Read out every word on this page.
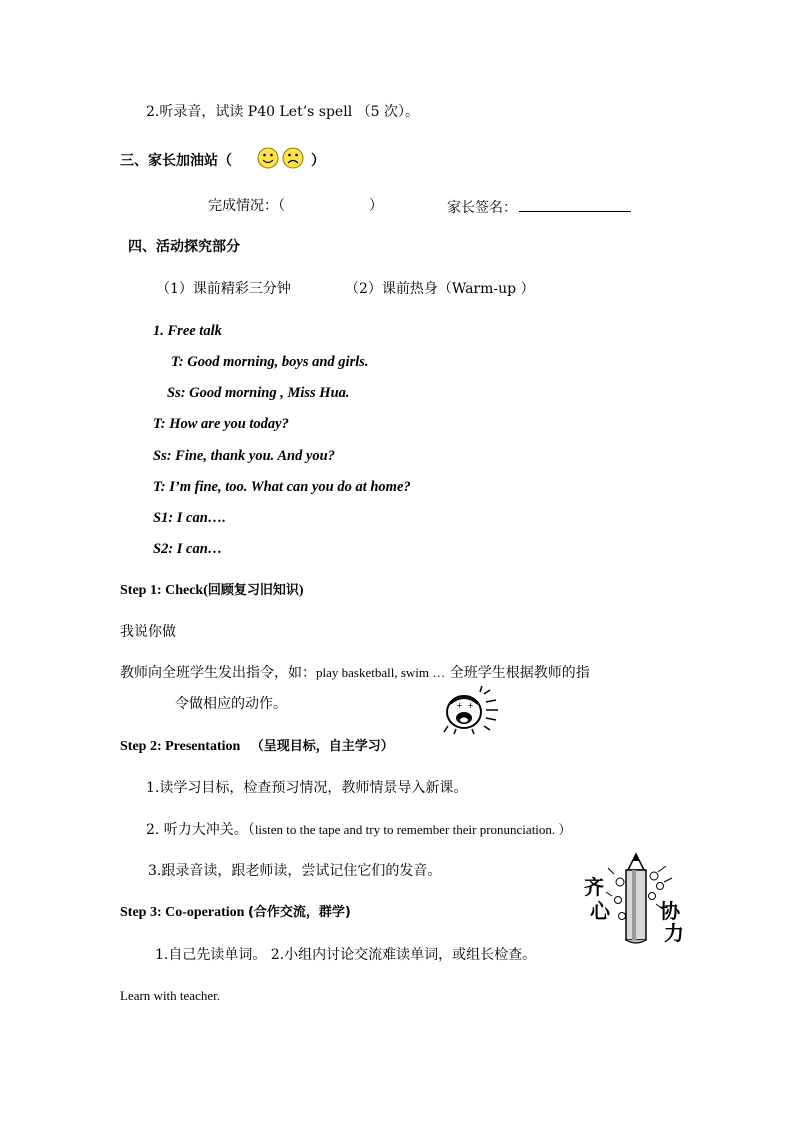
2.听录音，试读 P40 Let’s spell （5 次）。
三、家长加油站（	）
完成情况：（　　　　　　）	家长签名：
四、活动探究部分
（1）课前精彩三分钟	（2）课前热身（Warm-up ）
1. Free talk
T: Good morning, boys and girls.
Ss: Good morning , Miss Hua.
T: How are you today?
Ss: Fine, thank you. And you?
T: I’m fine, too. What can you do at home?
S1: I can….
S2: I can…
Step 1: Check(回顾复习旧知识)
我说你做
教师向全班学生发出指令，如：play basketball, swim … 全班学生根据教师的指
令做相应的动作。	+ +
Step 2: Presentation （呈现目标，自主学习）
1.读学习目标，检查预习情况，教师情景导入新课。
2. 听力大冲关。（listen to the tape and try to remember their pronunciation. ）
3.跟录音读，跟老师读，尝试记住它们的发音。
Step 3: Co-operation (合作交流，群学)
1.自己先读单词。 2.小组内讨论交流难读单词，或组长检查。
Learn with teacher.
齐
心	协
力
